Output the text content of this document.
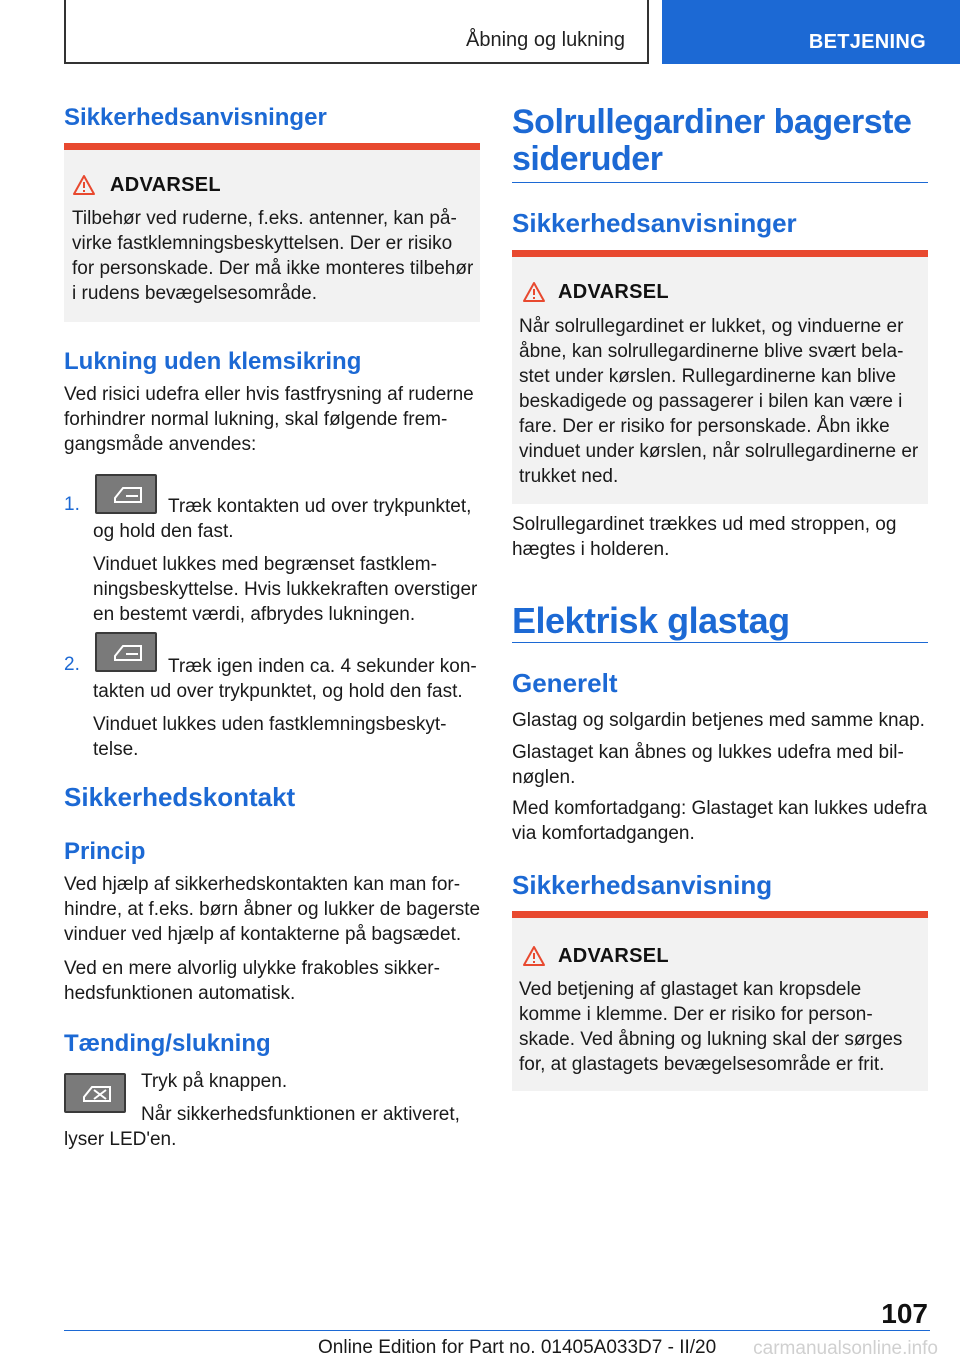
Åbning og lukning	BETJENING
Sikkerhedsanvisninger
ADVARSEL
Tilbehør ved ruderne, f.eks. antenner, kan på-
virke fastklemningsbeskyttelsen. Der er risiko
for personskade. Der må ikke monteres tilbehør
i rudens bevægelsesområde.
Lukning uden klemsikring

Ved risici udefra eller hvis fastfrysning af ruderne

forhindrer normal lukning, skal følgende frem-

gangsmåde anvendes:

1.	Træk kontakten ud over trykpunktet,

og hold den fast.

Vinduet lukkes med begrænset fastklem-

ningsbeskyttelse. Hvis lukkekraften overstiger

en bestemt værdi, afbrydes lukningen.

2.	Træk igen inden ca. 4 sekunder kon-

takten ud over trykpunktet, og hold den fast.

Vinduet lukkes uden fastklemningsbeskyt-

telse.

Sikkerhedskontakt
Princip

Ved hjælp af sikkerhedskontakten kan man for-

hindre, at f.eks. børn åbner og lukker de bagerste

vinduer ved hjælp af kontakterne på bagsædet.

Ved en mere alvorlig ulykke frakobles sikker-

hedsfunktionen automatisk.

Tænding/slukning

Tryk på knappen.

Når sikkerhedsfunktionen er aktiveret,

lyser LED'en.

Solrullegardiner bagerste
sideruder
Sikkerhedsanvisninger
ADVARSEL
Når solrullegardinet er lukket, og vinduerne er
åbne, kan solrullegardinerne blive svært bela-
stet under kørslen. Rullegardinerne kan blive
beskadigede og passagerer i bilen kan være i
fare. Der er risiko for personskade. Åbn ikke
vinduet under kørslen, når solrullegardinerne er
trukket ned.

Solrullegardinet trækkes ud med stroppen, og

hægtes i holderen.

Elektrisk glastag
Generelt

Glastag og solgardin betjenes med samme knap.

Glastaget kan åbnes og lukkes udefra med bil-

nøglen.

Med komfortadgang: Glastaget kan lukkes udefra

via komfortadgangen.

Sikkerhedsanvisning
ADVARSEL
Ved betjening af glastaget kan kropsdele
komme i klemme. Der er risiko for person-
skade. Ved åbning og lukning skal der sørges
for, at glastagets bevægelsesområde er frit.
107
carmanualsonline.info
Online Edition for Part no. 01405A033D7 - II/20
